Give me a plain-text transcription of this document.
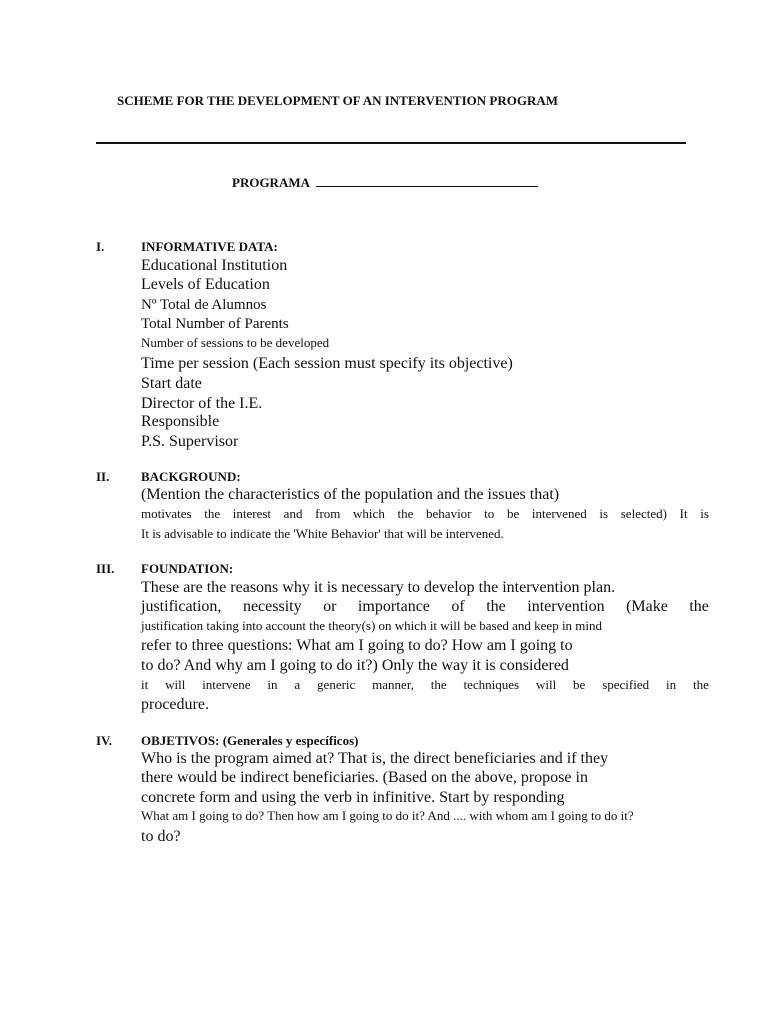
SCHEME FOR THE DEVELOPMENT OF AN INTERVENTION PROGRAM
PROGRAMA
I.	INFORMATIVE DATA:
Educational Institution
Levels of Education
Nº Total de Alumnos
Total Number of Parents
Number of sessions to be developed
Time per session (Each session must specify its objective)
Start date
Director of the I.E.
Responsible
P.S. Supervisor
II. BACKGROUND:
(Mention the characteristics of the population and the issues that)
motivates the interest and from which the behavior to be intervened is selected) It is
It is advisable to indicate the 'White Behavior' that will be intervened.
III. FOUNDATION:
These are the reasons why it is necessary to develop the intervention plan.
justification, necessity or importance of the intervention (Make the
justification taking into account the theory(s) on which it will be based and keep in mind
refer to three questions: What am I going to do? How am I going to
to do? And why am I going to do it?) Only the way it is considered
it will intervene in a generic manner, the techniques will be specified in the
procedure.
IV. OBJETIVOS: (Generales y específicos)
Who is the program aimed at? That is, the direct beneficiaries and if they
there would be indirect beneficiaries. (Based on the above, propose in
concrete form and using the verb in infinitive. Start by responding
What am I going to do? Then how am I going to do it? And .... with whom am I going to do it?
to do?
